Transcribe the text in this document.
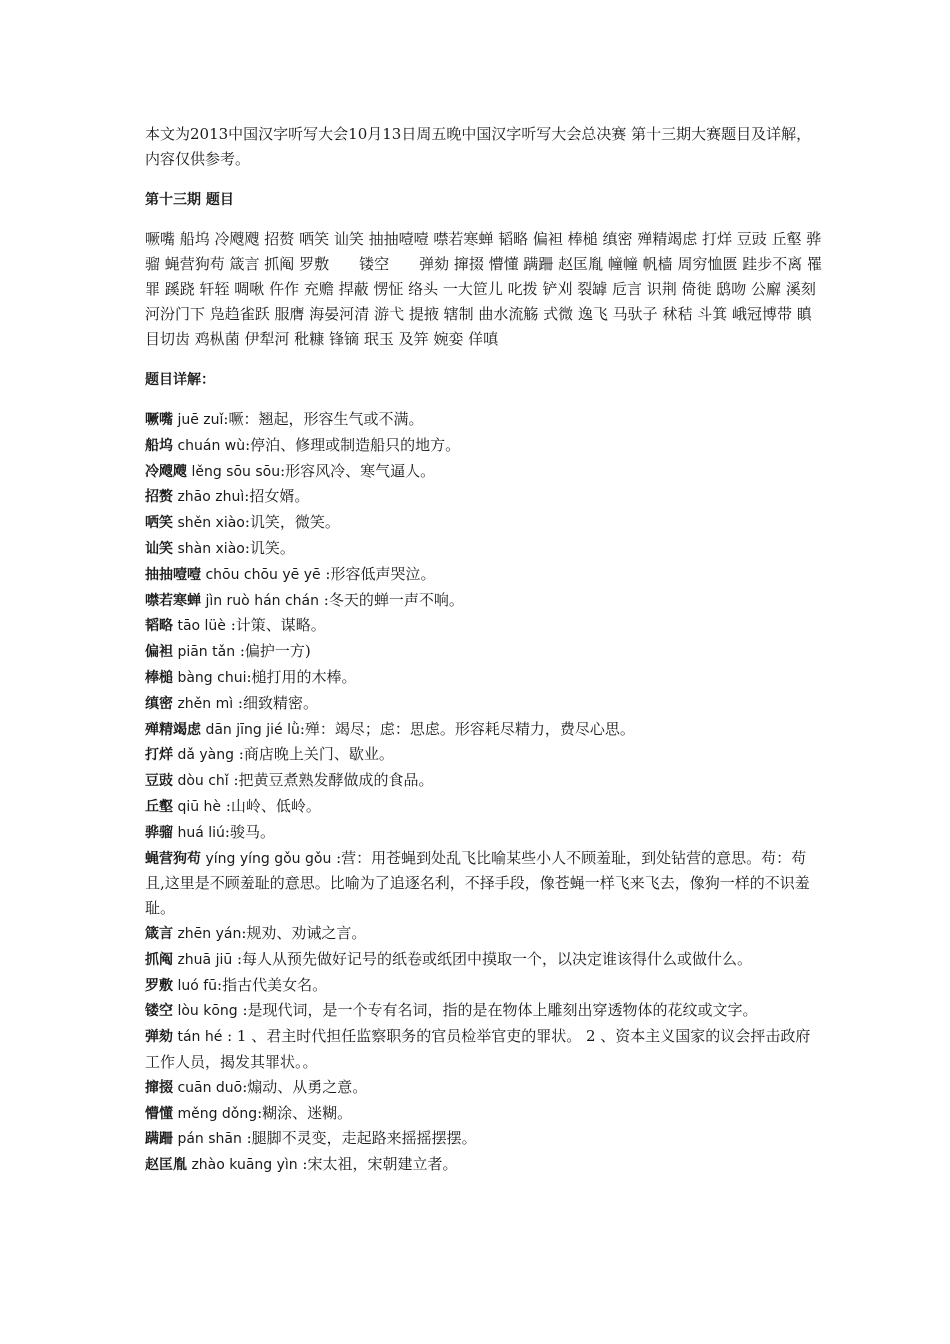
本文为2013中国汉字听写大会10月13日周五晚中国汉字听写大会总决赛 第十三期大赛题目及详解，内容仅供参考。

第十三期 题目

噘嘴 船坞 冷飕飕 招赘 哂笑 讪笑 抽抽噎噎 噤若寒蝉 韬略 偏袒 棒槌 缜密 殚精竭虑 打烊 豆豉 丘壑 骅骝 蝇营狗苟 箴言 抓阄 罗敷　　镂空　　弹劾 撺掇 懵懂 蹒跚 赵匡胤 幢幢 帆樯 周穷恤匮 跬步不离 罹罪 蹊跷 轩轾 啁啾 仵作 充赡 捍蔽 愣怔 络头 一大笸儿 叱拨 铲刈 裂罅 卮言 识荆 倚徙 鸱吻 公廨 溪刻 河汾门下 凫趋雀跃 服膺 海晏河清 游弋 提掖 辖制 曲水流觞 式微 逸飞 马驮子 秫秸 斗箕 峨冠博带 瞋目切齿 鸡枞菌 伊犁河 秕糠 锋镝 珉玉 及笄 婉娈 佯嗔

题目详解：

噘嘴 juē zuǐ:噘：翘起，形容生气或不满。

船坞 chuán wù:停泊、修理或制造船只的地方。

冷飕飕 lěng sōu sōu:形容风冷、寒气逼人。

招赘 zhāo zhuì:招女婿。

哂笑 shěn xiào:讥笑，微笑。

讪笑 shàn xiào:讥笑。

抽抽噎噎 chōu chōu yē yē :形容低声哭泣。

噤若寒蝉 jìn ruò hán chán :冬天的蝉一声不响。

韬略 tāo lüè :计策、谋略。

偏袒 piān tǎn :偏护一方)

棒槌 bàng chui:槌打用的木棒。

缜密 zhěn mì :细致精密。

殚精竭虑 dān jīng jié lǜ:殚：竭尽；虑：思虑。形容耗尽精力，费尽心思。

打烊 dǎ yàng :商店晚上关门、歇业。

豆豉 dòu chǐ :把黄豆煮熟发酵做成的食品。

丘壑 qiū hè :山岭、低岭。

骅骝 huá liú:骏马。

蝇营狗苟 yíng yíng gǒu gǒu :营：用苍蝇到处乱飞比喻某些小人不顾羞耻，到处钻营的意思。苟：苟且,这里是不顾羞耻的意思。比喻为了追逐名利，不择手段，像苍蝇一样飞来飞去，像狗一样的不识羞耻。

箴言 zhēn yán:规劝、劝诫之言。

抓阄 zhuā jiū :每人从预先做好记号的纸卷或纸团中摸取一个，以决定谁该得什么或做什么。

罗敷 luó fū:指古代美女名。

镂空 lòu kōng :是现代词，是一个专有名词，指的是在物体上雕刻出穿透物体的花纹或文字。

弹劾 tán hé : 1 、君主时代担任监察职务的官员检举官吏的罪状。 2 、资本主义国家的议会抨击政府工作人员，揭发其罪状。。

撺掇 cuān duō:煽动、从勇之意。

懵懂 měng dǒng:糊涂、迷糊。

蹒跚 pán shān :腿脚不灵变，走起路来摇摇摆摆。

赵匡胤 zhào kuāng yìn :宋太祖，宋朝建立者。
